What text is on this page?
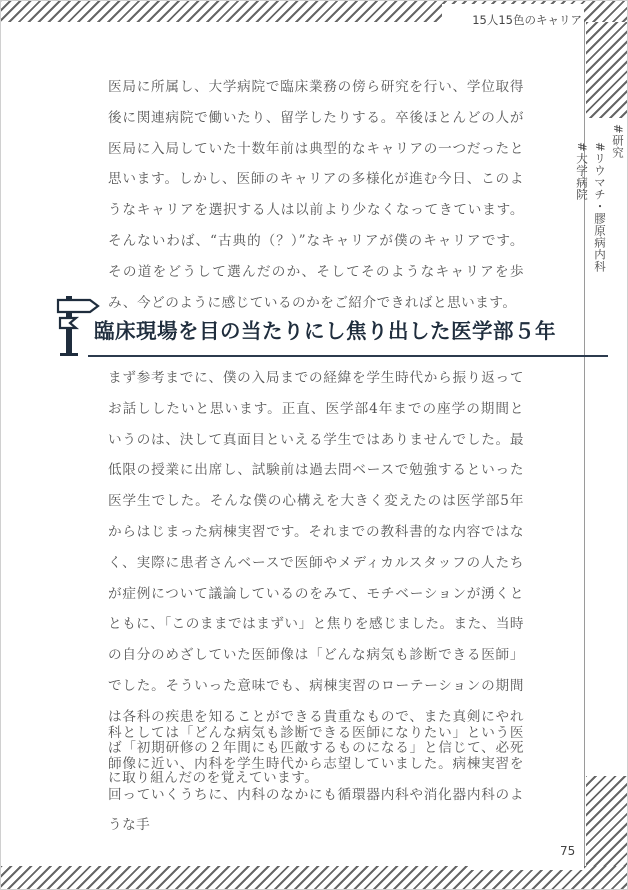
15人15色のキャリア
#研究
#リウマチ・膠原病内科
#大学病院

医局に所属し、大学病院で臨床業務の傍ら研究を行い、学位取得後に関連病院で働いたり、留学したりする。卒後ほとんどの人が医局に入局していた十数年前は典型的なキャリアの一つだったと思います。しかし、医師のキャリアの多様化が進む今日、このようなキャリアを選択する人は以前より少なくなってきています。そんないわば、“古典的（？）”なキャリアが僕のキャリアです。その道をどうして選んだのか、そしてそのようなキャリアを歩み、今どのように感じているのかをご紹介できればと思います。

臨床現場を目の当たりにし焦り出した医学部５年

まず参考までに、僕の入局までの経緯を学生時代から振り返ってお話ししたいと思います。正直、医学部4年までの座学の期間というのは、決して真面目といえる学生ではありませんでした。最低限の授業に出席し、試験前は過去問ベースで勉強するといった医学生でした。そんな僕の心構えを大きく変えたのは医学部5年からはじまった病棟実習です。それまでの教科書的な内容ではなく、実際に患者さんベースで医師やメディカルスタッフの人たちが症例について議論しているのをみて、モチベーションが湧くとともに、「このままではまずい」と焦りを感じました。また、当時の自分のめざしていた医師像は「どんな病気も診断できる医師」でした。そういった意味でも、病棟実習のローテーションの期間は各科の疾患を知ることができる貴重なもので、また真剣にやれば「初期研修の２年間にも匹敵するものになる」と信じて、必死に取り組んだのを覚えています。

科としては「どんな病気も診断できる医師になりたい」という医師像に近い、内科を学生時代から志望していました。病棟実習を回っていくうちに、内科のなかにも循環器内科や消化器内科のような手

75
